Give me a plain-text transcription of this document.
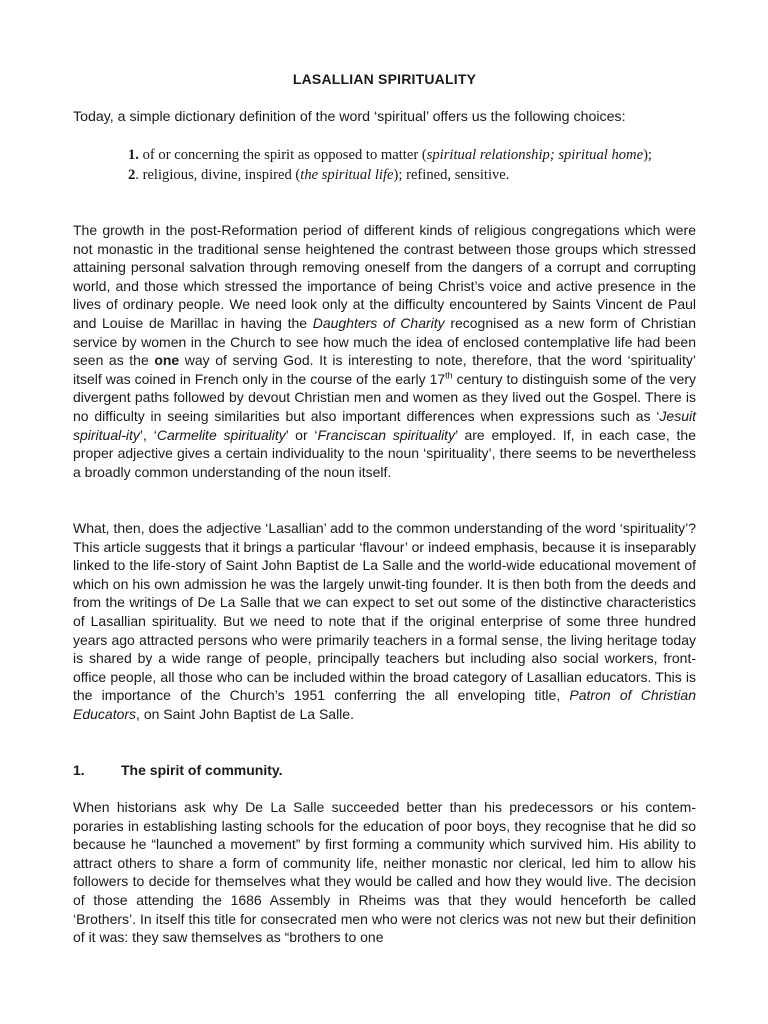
LASALLIAN SPIRITUALITY

Today, a simple dictionary definition of the word ‘spiritual’ offers us the following choices:

1. of or concerning the spirit as opposed to matter (spiritual relationship; spiritual home);
2. religious, divine, inspired (the spiritual life); refined, sensitive.

The growth in the post-Reformation period of different kinds of religious congregations which were not monastic in the traditional sense heightened the contrast between those groups which stressed attaining personal salvation through removing oneself from the dangers of a corrupt and corrupting world, and those which stressed the importance of being Christ’s voice and active presence in the lives of ordinary people. We need look only at the difficulty encountered by Saints Vincent de Paul and Louise de Marillac in having the Daughters of Charity recognised as a new form of Christian service by women in the Church to see how much the idea of enclosed contemplative life had been seen as the one way of serving God. It is interesting to note, therefore, that the word ‘spirituality’ itself was coined in French only in the course of the early 17th century to distinguish some of the very divergent paths followed by devout Christian men and women as they lived out the Gospel. There is no difficulty in seeing similarities but also important differences when expressions such as ‘Jesuit spiritual-ity’, ‘Carmelite spirituality’ or ‘Franciscan spirituality’ are employed. If, in each case, the proper adjective gives a certain individuality to the noun ‘spirituality’, there seems to be nevertheless a broadly common understanding of the noun itself.

What, then, does the adjective ‘Lasallian’ add to the common understanding of the word ‘spirituality’? This article suggests that it brings a particular ‘flavour’ or indeed emphasis, because it is inseparably linked to the life-story of Saint John Baptist de La Salle and the world-wide educational movement of which on his own admission he was the largely unwit-ting founder. It is then both from the deeds and from the writings of De La Salle that we can expect to set out some of the distinctive characteristics of Lasallian spirituality. But we need to note that if the original enterprise of some three hundred years ago attracted persons who were primarily teachers in a formal sense, the living heritage today is shared by a wide range of people, principally teachers but including also social workers, front-office people, all those who can be included within the broad category of Lasallian educators. This is the importance of the Church’s 1951 conferring the all enveloping title, Patron of Christian Educators, on Saint John Baptist de La Salle.

1.	The spirit of community.

When historians ask why De La Salle succeeded better than his predecessors or his contem-poraries in establishing lasting schools for the education of poor boys, they recognise that he did so because he “launched a movement” by first forming a community which survived him. His ability to attract others to share a form of community life, neither monastic nor clerical, led him to allow his followers to decide for themselves what they would be called and how they would live. The decision of those attending the 1686 Assembly in Rheims was that they would henceforth be called ‘Brothers’. In itself this title for consecrated men who were not clerics was not new but their definition of it was: they saw themselves as “brothers to one
